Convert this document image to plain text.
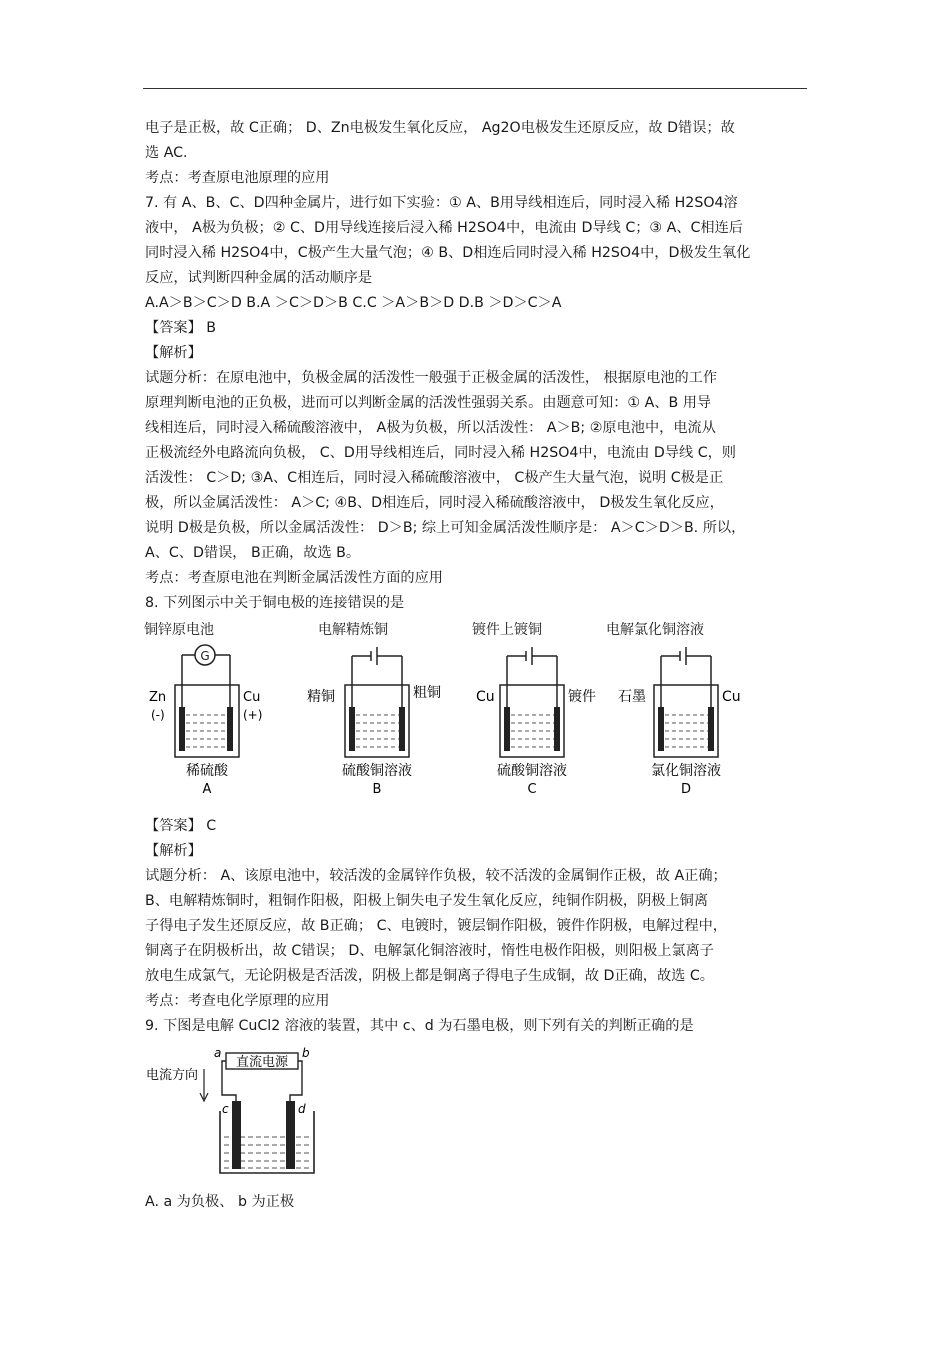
电子是正极，故 C正确； D、Zn电极发生氧化反应， Ag2O电极发生还原反应，故 D错误；故
选 AC.
考点：考查原电池原理的应用
7. 有 A、B、C、D四种金属片，进行如下实验：① A、B用导线相连后，同时浸入稀 H2SO4溶
液中， A极为负极；② C、D用导线连接后浸入稀 H2SO4中，电流由 D导线 C；③ A、C相连后
同时浸入稀 H2SO4中，C极产生大量气泡；④ B、D相连后同时浸入稀 H2SO4中，D极发生氧化
反应，试判断四种金属的活动顺序是
A.A＞B＞C＞D B.A ＞C＞D＞B C.C ＞A＞B＞D D.B ＞D＞C＞A
【答案】 B
【解析】
试题分析：在原电池中，负极金属的活泼性一般强于正极金属的活泼性， 根据原电池的工作
原理判断电池的正负极，进而可以判断金属的活泼性强弱关系。由题意可知：① A、B 用导
线相连后，同时浸入稀硫酸溶液中， A极为负极，所以活泼性： A＞B; ②原电池中，电流从
正极流经外电路流向负极， C、D用导线相连后，同时浸入稀 H2SO4中，电流由 D导线 C，则
活泼性： C＞D; ③A、C相连后，同时浸入稀硫酸溶液中， C极产生大量气泡，说明 C极是正
极，所以金属活泼性： A＞C; ④B、D相连后，同时浸入稀硫酸溶液中， D极发生氧化反应，
说明 D极是负极，所以金属活泼性： D＞B; 综上可知金属活泼性顺序是： A＞C＞D＞B. 所以，
A、C、D错误， B正确，故选 B。
考点：考查原电池在判断金属活泼性方面的应用
8. 下列图示中关于铜电极的连接错误的是
铜锌原电池	电解精炼铜	镀件上镀铜	电解氯化铜溶液
G
Zn
(-)
Cu
(+)
稀硫酸
A
精铜	粗铜
硫酸铜溶液
B
Cu	镀件
硫酸铜溶液
C
石墨	Cu
氯化铜溶液
D
【答案】 C
【解析】
试题分析： A、该原电池中，较活泼的金属锌作负极，较不活泼的金属铜作正极，故 A正确；
B、电解精炼铜时，粗铜作阳极，阳极上铜失电子发生氧化反应，纯铜作阴极，阴极上铜离
子得电子发生还原反应，故 B正确； C、电镀时，镀层铜作阳极，镀件作阴极，电解过程中，
铜离子在阴极析出，故 C错误； D、电解氯化铜溶液时，惰性电极作阳极，则阳极上氯离子
放电生成氯气，无论阴极是否活泼，阴极上都是铜离子得电子生成铜，故 D正确，故选 C。
考点：考查电化学原理的应用
9. 下图是电解 CuCl2 溶液的装置，其中 c、d 为石墨电极，则下列有关的判断正确的是
电流方向
直流电源
a	b
c	d
A. a 为负极、 b 为正极
